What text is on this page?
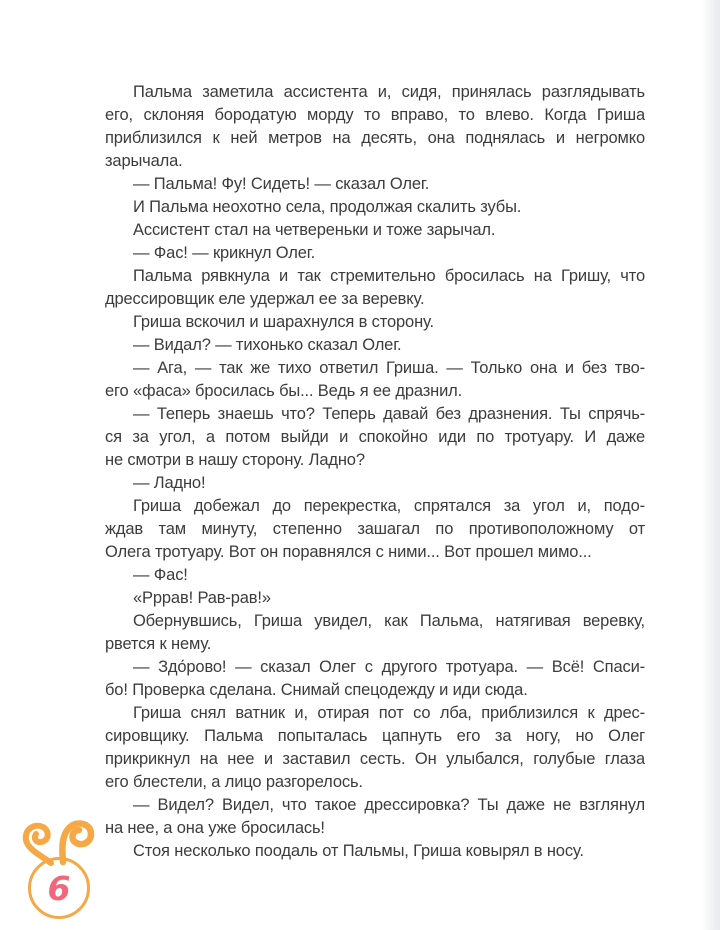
Пальма заметила ассистента и, сидя, принялась разглядывать
его, склоняя бородатую морду то вправо, то влево. Когда Гриша
приблизился к ней метров на десять, она поднялась и негромко
зарычала.
— Пальма! Фу! Сидеть! — сказал Олег.
И Пальма неохотно села, продолжая скалить зубы.
Ассистент стал на четвереньки и тоже зарычал.
— Фас! — крикнул Олег.
Пальма рявкнула и так стремительно бросилась на Гришу, что
дрессировщик еле удержал ее за веревку.
Гриша вскочил и шарахнулся в сторону.
— Видал? — тихонько сказал Олег.
— Ага, — так же тихо ответил Гриша. — Только она и без тво-
его «фаса» бросилась бы... Ведь я ее дразнил.
— Теперь знаешь что? Теперь давай без дразнения. Ты спрячь-
ся за угол, а потом выйди и спокойно иди по тротуару. И даже
не смотри в нашу сторону. Ладно?
— Ладно!
Гриша добежал до перекрестка, спрятался за угол и, подо-
ждав там минуту, степенно зашагал по противоположному от
Олега тротуару. Вот он поравнялся с ними... Вот прошел мимо...
— Фас!
«Рррав! Рав-рав!»
Обернувшись, Гриша увидел, как Пальма, натягивая веревку,
рвется к нему.
— Здо́рово! — сказал Олег с другого тротуара. — Всё! Спаси-
бо! Проверка сделана. Снимай спецодежду и иди сюда.
Гриша снял ватник и, отирая пот со лба, приблизился к дрес-
сировщику. Пальма попыталась цапнуть его за ногу, но Олег
прикрикнул на нее и заставил сесть. Он улыбался, голубые глаза
его блестели, а лицо разгорелось.
— Видел? Видел, что такое дрессировка? Ты даже не взглянул
на нее, а она уже бросилась!
Стоя несколько поодаль от Пальмы, Гриша ковырял в носу.
6
